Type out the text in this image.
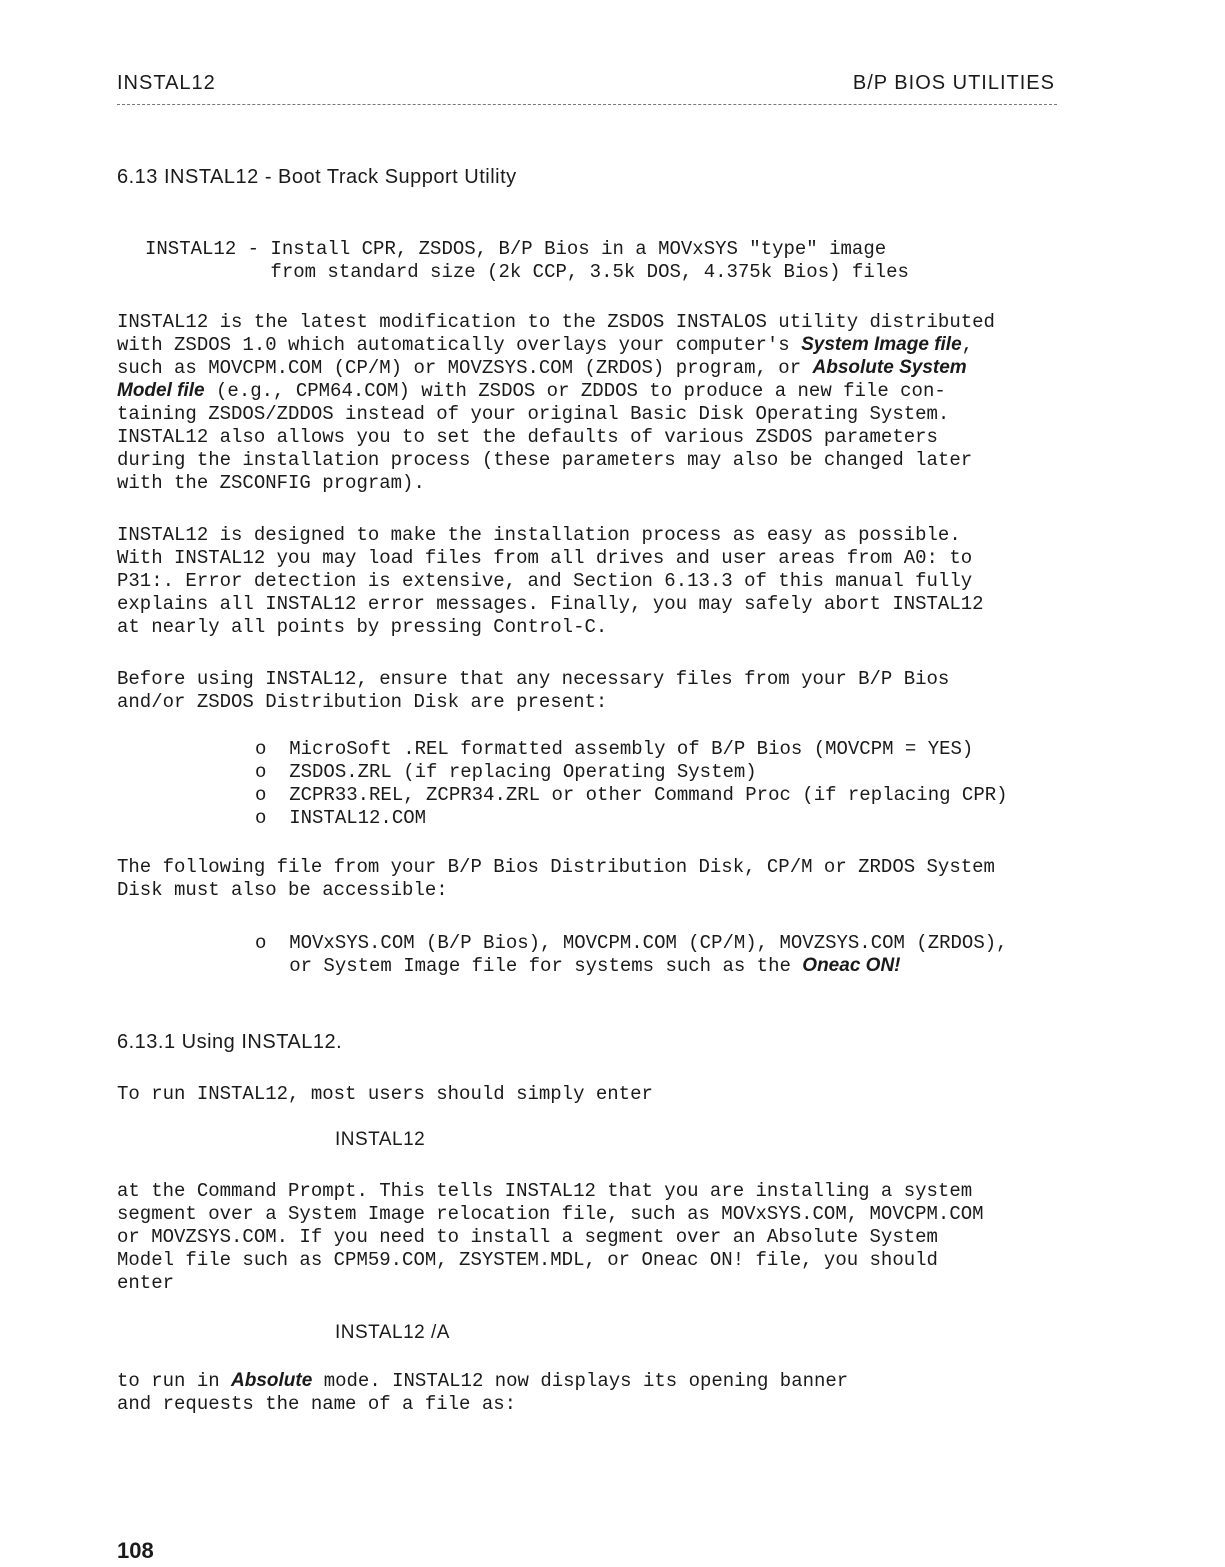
INSTAL12	B/P BIOS UTILITIES
6.13 INSTAL12 - Boot Track Support Utility
INSTAL12 - Install CPR, ZSDOS, B/P Bios in a MOVxSYS "type" image
from standard size (2k CCP, 3.5k DOS, 4.375k Bios) files
INSTAL12 is the latest modification to the ZSDOS INSTALOS utility distributed
with ZSDOS 1.0 which automatically overlays your computer's System Image file,
such as MOVCPM.COM (CP/M) or MOVZSYS.COM (ZRDOS) program, or Absolute System
Model file (e.g., CPM64.COM) with ZSDOS or ZDDOS to produce a new file con-
taining ZSDOS/ZDDOS instead of your original Basic Disk Operating System.
INSTAL12 also allows you to set the defaults of various ZSDOS parameters
during the installation process (these parameters may also be changed later
with the ZSCONFIG program).
INSTAL12 is designed to make the installation process as easy as possible.
With INSTAL12 you may load files from all drives and user areas from A0: to
P31:. Error detection is extensive, and Section 6.13.3 of this manual fully
explains all INSTAL12 error messages. Finally, you may safely abort INSTAL12
at nearly all points by pressing Control-C.
Before using INSTAL12, ensure that any necessary files from your B/P Bios
and/or ZSDOS Distribution Disk are present:
o  MicroSoft .REL formatted assembly of B/P Bios (MOVCPM = YES)
o  ZSDOS.ZRL (if replacing Operating System)
o  ZCPR33.REL, ZCPR34.ZRL or other Command Proc (if replacing CPR)
o  INSTAL12.COM
The following file from your B/P Bios Distribution Disk, CP/M or ZRDOS System
Disk must also be accessible:
o  MOVxSYS.COM (B/P Bios), MOVCPM.COM (CP/M), MOVZSYS.COM (ZRDOS),
or System Image file for systems such as the Oneac ON!
6.13.1 Using INSTAL12.
To run INSTAL12, most users should simply enter
INSTAL12
at the Command Prompt. This tells INSTAL12 that you are installing a system
segment over a System Image relocation file, such as MOVxSYS.COM, MOVCPM.COM
or MOVZSYS.COM. If you need to install a segment over an Absolute System
Model file such as CPM59.COM, ZSYSTEM.MDL, or Oneac ON! file, you should
enter
INSTAL12 /A
to run in Absolute mode. INSTAL12 now displays its opening banner
and requests the name of a file as:
108
